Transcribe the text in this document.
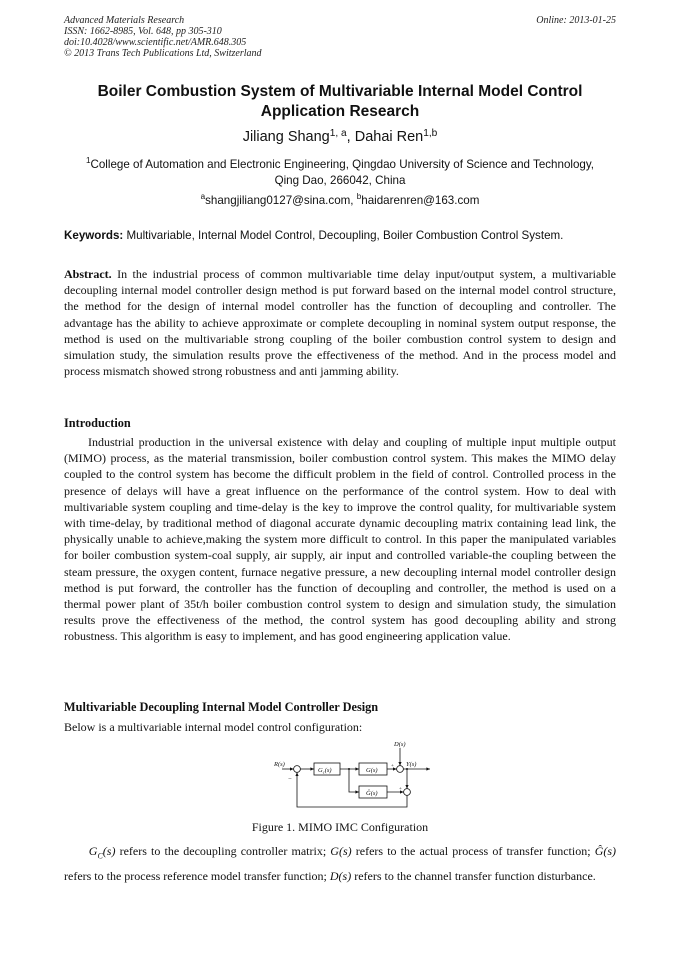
Advanced Materials Research
ISSN: 1662-8985, Vol. 648, pp 305-310
doi:10.4028/www.scientific.net/AMR.648.305
© 2013 Trans Tech Publications Ltd, Switzerland
Online: 2013-01-25
Boiler Combustion System of Multivariable Internal Model Control
Application Research
Jiliang Shang$^{1, a}$, Dahai Ren$^{1,b}$
$^1$College of Automation and Electronic Engineering, Qingdao University of Science and Technology,
Qing Dao, 266042, China
$^a$shangjiliang0127@sina.com, $^b$haidarenren@163.com
Keywords: Multivariable, Internal Model Control, Decoupling, Boiler Combustion Control System.
Abstract. In the industrial process of common multivariable time delay input/output system, a multivariable decoupling internal model controller design method is put forward based on the internal model control structure, the method for the design of internal model controller has the function of decoupling and controller. The advantage has the ability to achieve approximate or complete decoupling in nominal system output response, the method is used on the multivariable strong coupling of the boiler combustion control system to design and simulation study, the simulation results prove the effectiveness of the method. And in the process model and process mismatch showed strong robustness and anti jamming ability.
Introduction
Industrial production in the universal existence with delay and coupling of multiple input multiple output (MIMO) process, as the material transmission, boiler combustion control system. This makes the MIMO delay coupled to the control system has become the difficult problem in the field of control. Controlled process in the presence of delays will have a great influence on the performance of the control system. How to deal with multivariable system coupling and time-delay is the key to improve the control quality, for multivariable system with time-delay, by traditional method of diagonal accurate dynamic decoupling matrix containing lead link, the physically unable to achieve,making the system more difficult to control. In this paper the manipulated variables for boiler combustion system-coal supply, air supply, air input and controlled variable-the coupling between the steam pressure, the oxygen content, furnace negative pressure, a new decoupling internal model controller design method is put forward, the controller has the function of decoupling and controller, the method is used on a thermal power plant of 35t/h boiler combustion control system to design and simulation study, the simulation results prove the effectiveness of the method, the control system has good decoupling ability and strong robustness. This algorithm is easy to implement, and has good engineering application value.
Multivariable Decoupling Internal Model Controller Design
Below is a multivariable internal model control configuration:
R(s)
D(s)
Y(s)
$G_c(s)$	G(s)
Ĝ(s)
−
+
+
Figure 1. MIMO IMC Configuration
$G_C(s)$ refers to the decoupling controller matrix; G(s) refers to the actual process of transfer function; Ĝ(s) refers to the process reference model transfer function; D(s) refers to the channel transfer function disturbance.
